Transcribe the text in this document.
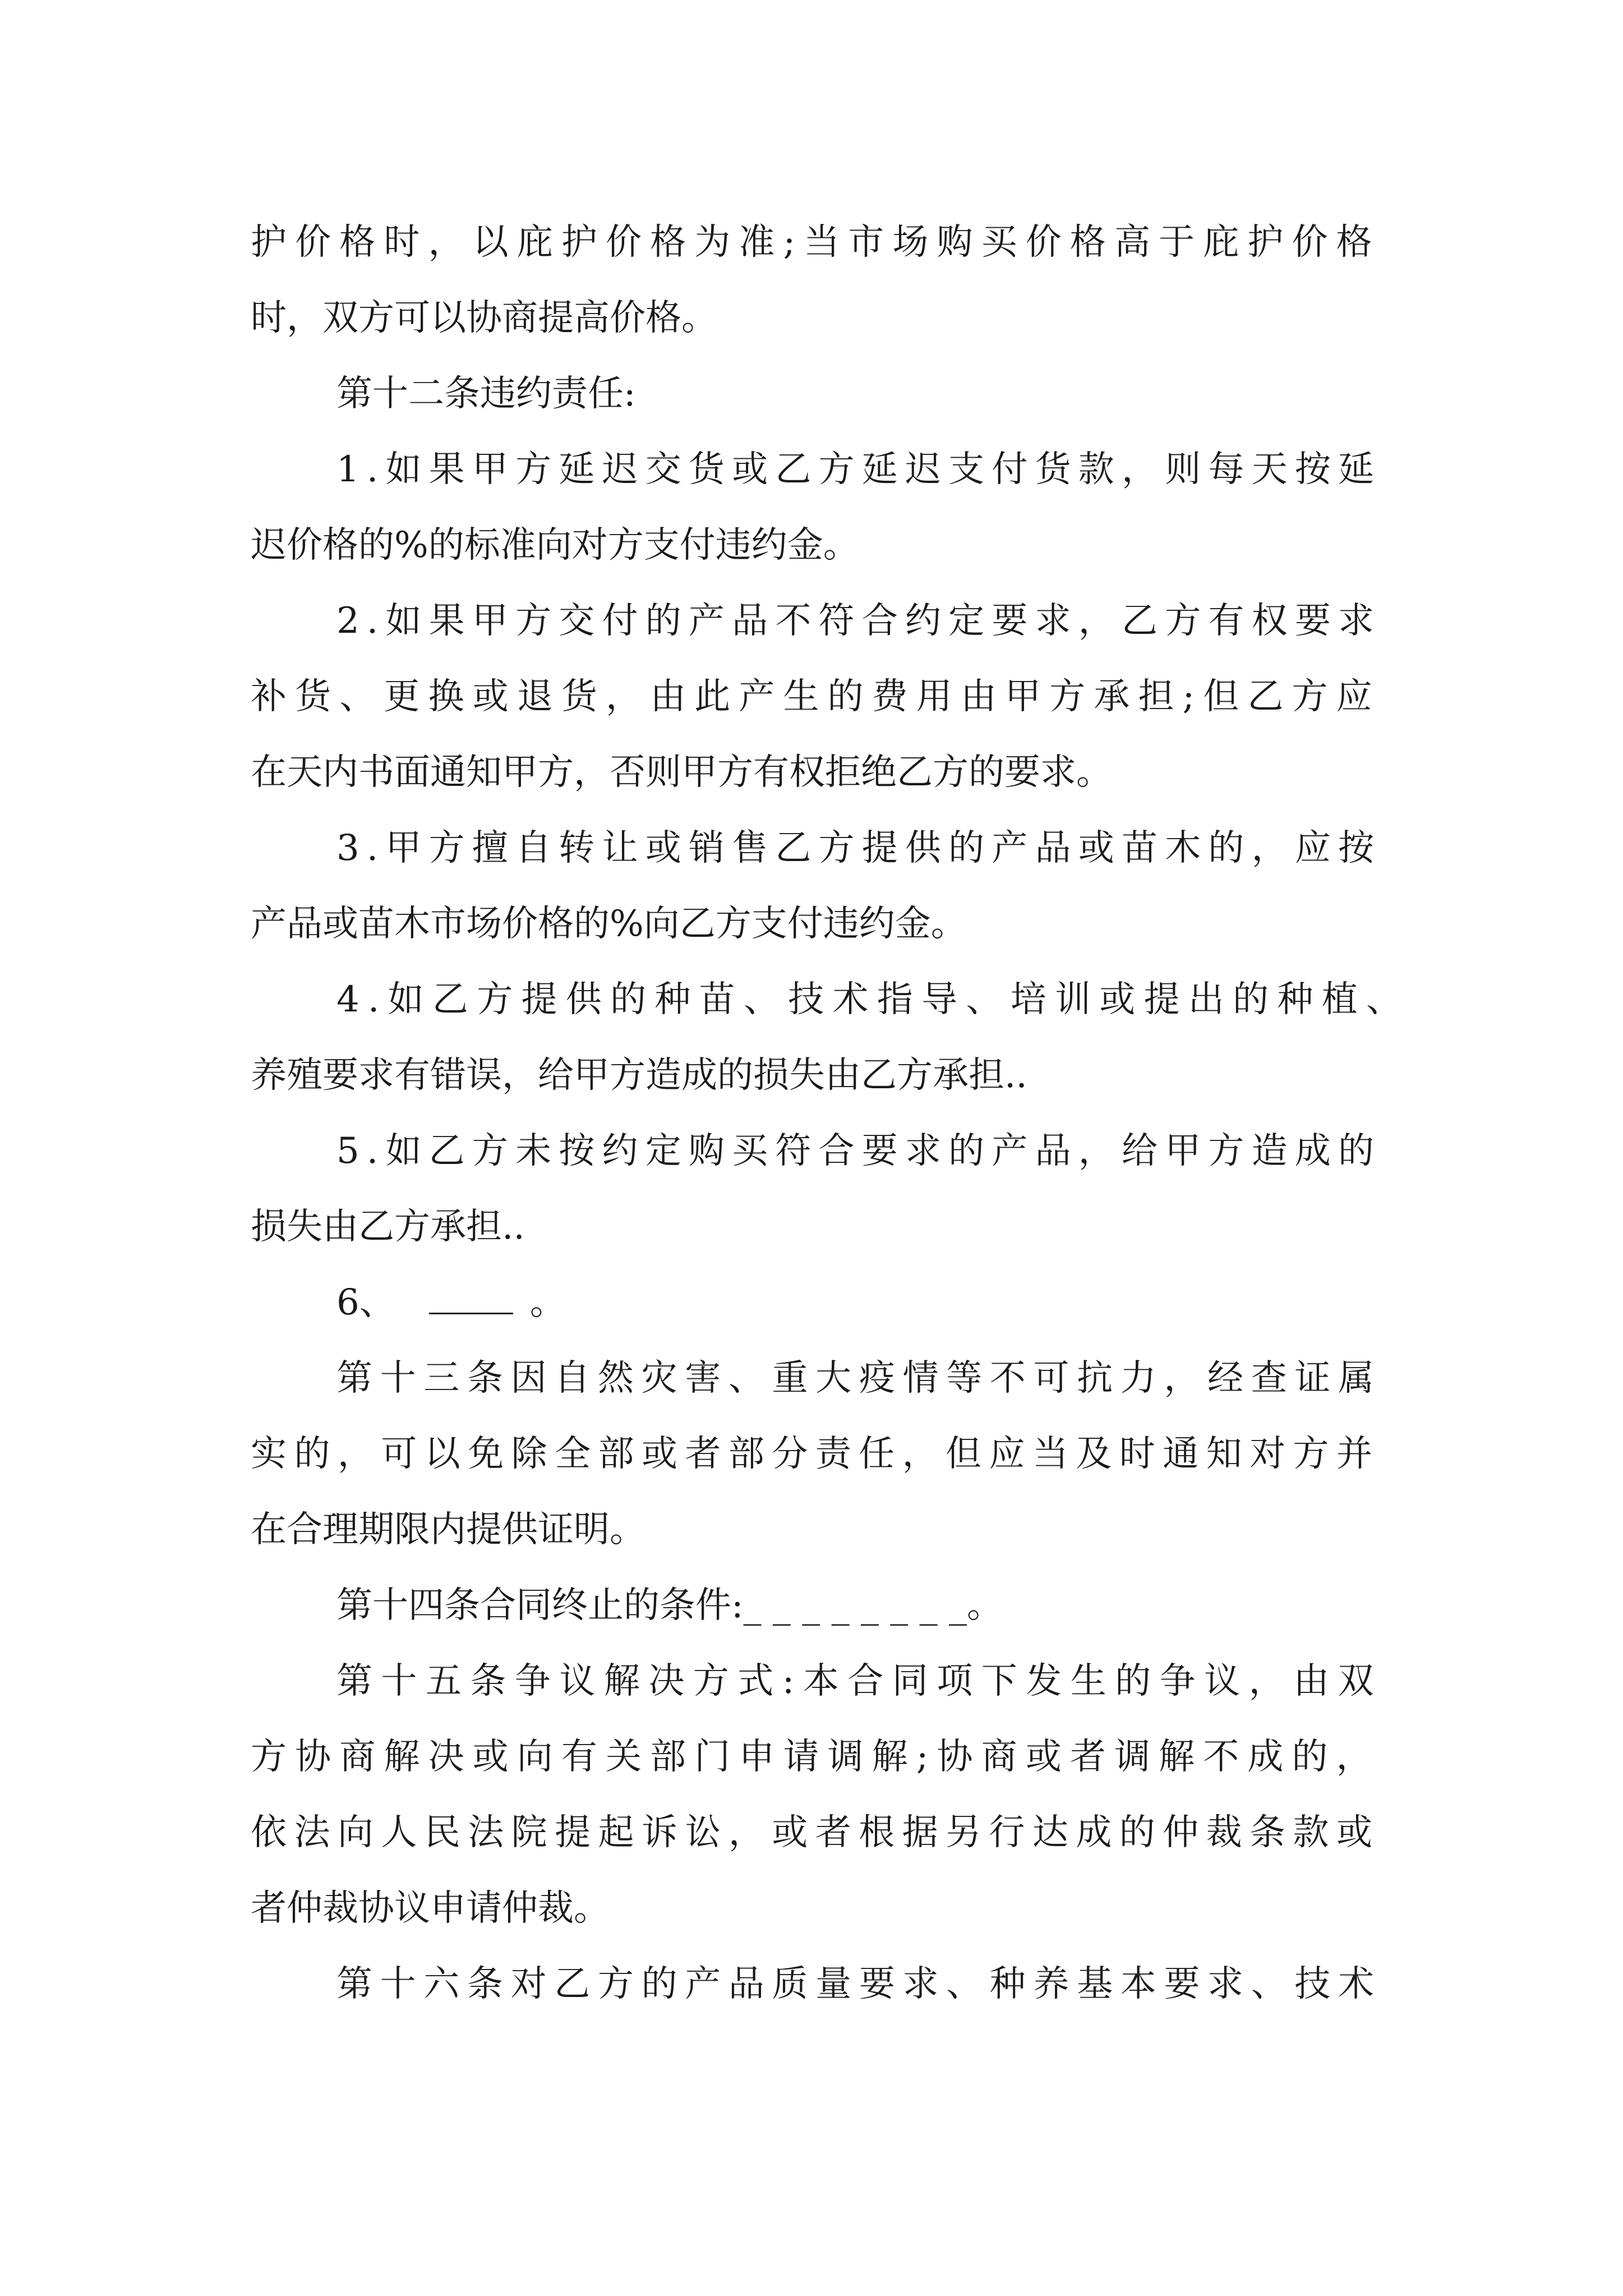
护价格时，以庇护价格为准;当市场购买价格高于庇护价格
时，双方可以协商提高价格。
第十二条违约责任:
1.如果甲方延迟交货或乙方延迟支付货款，则每天按延
迟价格的%的标准向对方支付违约金。
2.如果甲方交付的产品不符合约定要求，乙方有权要求
补货、更换或退货，由此产生的费用由甲方承担;但乙方应
在天内书面通知甲方，否则甲方有权拒绝乙方的要求。
3.甲方擅自转让或销售乙方提供的产品或苗木的，应按
产品或苗木市场价格的%向乙方支付违约金。
4.如乙方提供的种苗、技术指导、培训或提出的种植、
养殖要求有错误，给甲方造成的损失由乙方承担..
5.如乙方未按约定购买符合要求的产品，给甲方造成的
损失由乙方承担..
6、	。
第十三条因自然灾害、重大疫情等不可抗力，经查证属
实的，可以免除全部或者部分责任，但应当及时通知对方并
在合理期限内提供证明。
第十四条合同终止的条件:_ _ _ _ _ _ _ _。
第十五条争议解决方式:本合同项下发生的争议，由双
方协商解决或向有关部门申请调解;协商或者调解不成的，
依法向人民法院提起诉讼，或者根据另行达成的仲裁条款或
者仲裁协议申请仲裁。
第十六条对乙方的产品质量要求、种养基本要求、技术
